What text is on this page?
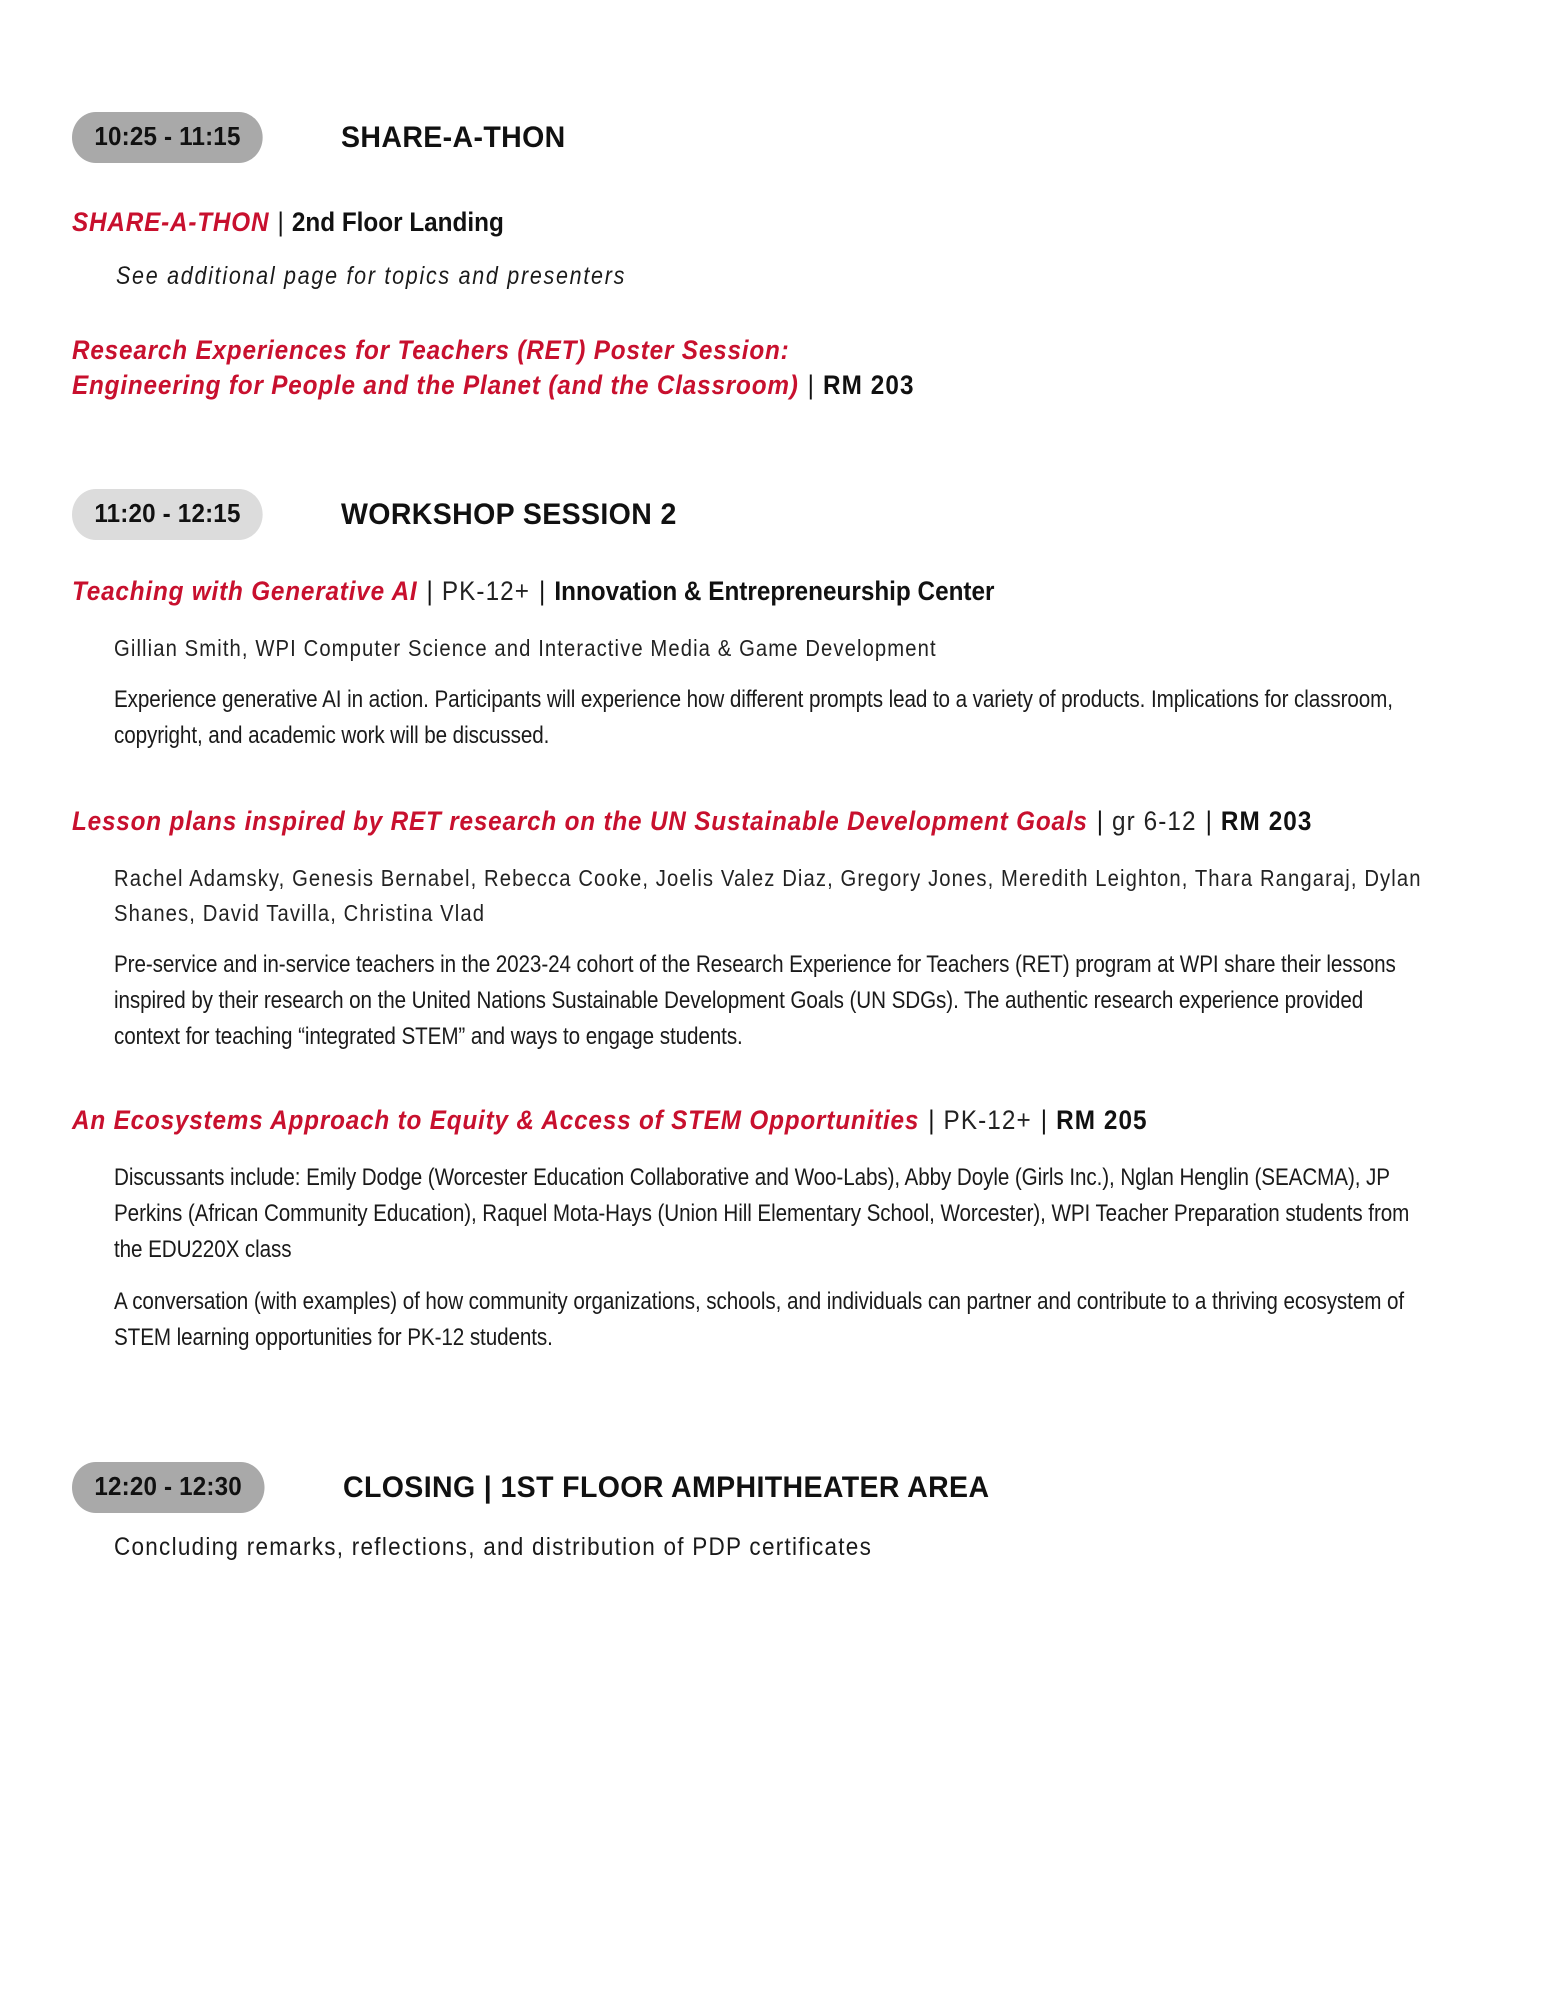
10:25 - 11:15	SHARE-A-THON
SHARE-A-THON | 2nd Floor Landing
See additional page for topics and presenters
Research Experiences for Teachers (RET) Poster Session:
Engineering for People and the Planet (and the Classroom) | RM 203
11:20 - 12:15	WORKSHOP SESSION 2
Teaching with Generative AI | PK-12+ | Innovation & Entrepreneurship Center
Gillian Smith, WPI Computer Science and Interactive Media & Game Development
Experience generative AI in action. Participants will experience how different prompts lead to a variety of products. Implications for classroom, copyright, and academic work will be discussed.
Lesson plans inspired by RET research on the UN Sustainable Development Goals | gr 6-12 | RM 203
Rachel Adamsky, Genesis Bernabel, Rebecca Cooke, Joelis Valez Diaz, Gregory Jones, Meredith Leighton, Thara Rangaraj, Dylan Shanes, David Tavilla, Christina Vlad
Pre-service and in-service teachers in the 2023-24 cohort of the Research Experience for Teachers (RET) program at WPI share their lessons inspired by their research on the United Nations Sustainable Development Goals (UN SDGs). The authentic research experience provided context for teaching “integrated STEM” and ways to engage students.
An Ecosystems Approach to Equity & Access of STEM Opportunities | PK-12+ | RM 205
Discussants include: Emily Dodge (Worcester Education Collaborative and Woo-Labs), Abby Doyle (Girls Inc.), Nglan Henglin (SEACMA), JP Perkins (African Community Education), Raquel Mota-Hays (Union Hill Elementary School, Worcester), WPI Teacher Preparation students from the EDU220X class
A conversation (with examples) of how community organizations, schools, and individuals can partner and contribute to a thriving ecosystem of STEM learning opportunities for PK-12 students.
12:20 - 12:30	CLOSING | 1ST FLOOR AMPHITHEATER AREA
Concluding remarks, reflections, and distribution of PDP certificates
